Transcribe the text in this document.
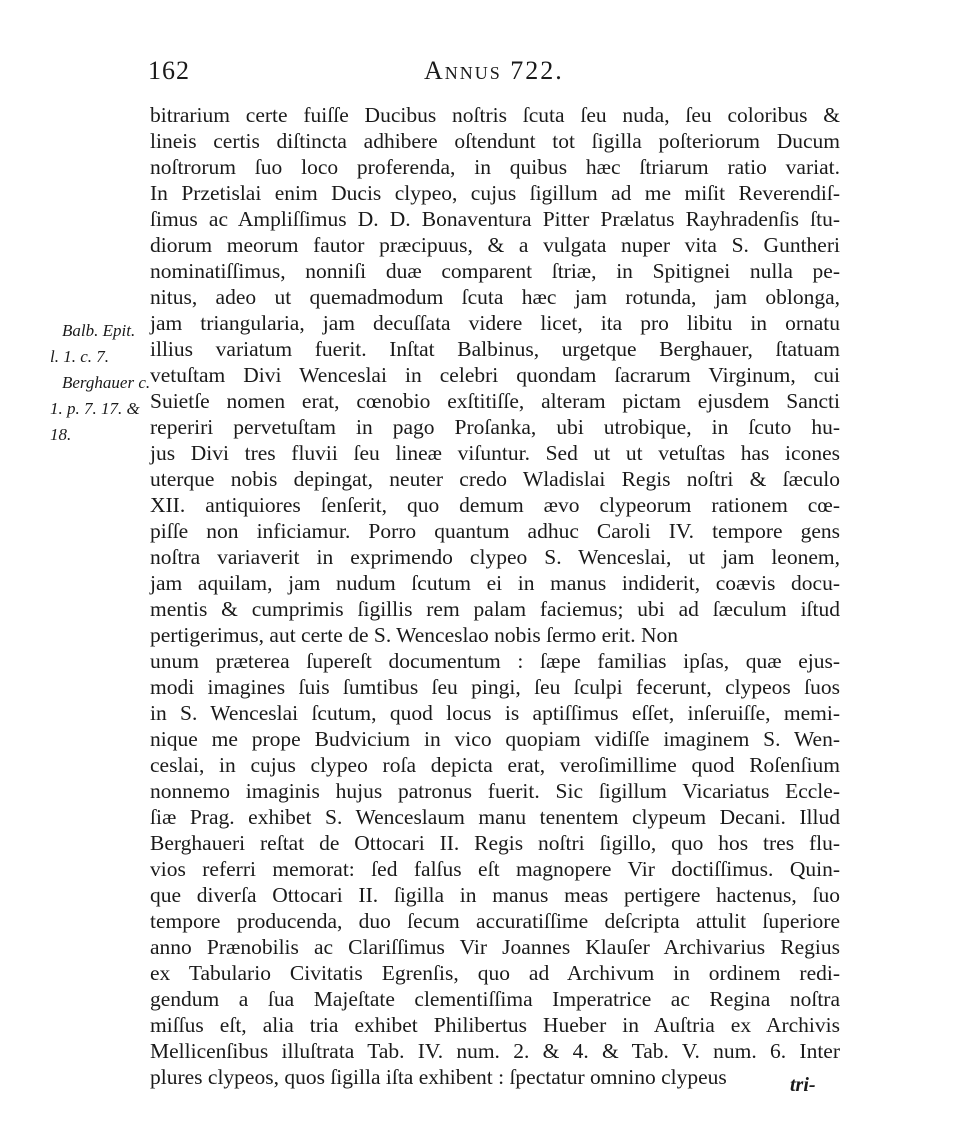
162	Annus 722.
Balb. Epit.
l. 1. c. 7.
Berghauer c.
1. p. 7. 17. &
18.
bitrarium certe fuiſſe Ducibus noſtris ſcuta ſeu nuda, ſeu coloribus &
lineis certis diſtincta adhibere oſtendunt tot ſigilla poſteriorum Ducum
noſtrorum ſuo loco proferenda, in quibus hæc ſtriarum ratio variat.
In Przetislai enim Ducis clypeo, cujus ſigillum ad me miſit Reverendiſ-
ſimus ac Ampliſſimus D. D. Bonaventura Pitter Prælatus Rayhradenſis ſtu-
diorum meorum fautor præcipuus, & a vulgata nuper vita S. Guntheri
nominatiſſimus, nonniſi duæ comparent ſtriæ, in Spitignei nulla pe-
nitus, adeo ut quemadmodum ſcuta hæc jam rotunda, jam oblonga,
jam triangularia, jam decuſſata videre licet, ita pro libitu in ornatu
illius variatum fuerit. Inſtat Balbinus, urgetque Berghauer, ſtatuam
vetuſtam Divi Wenceslai in celebri quondam ſacrarum Virginum, cui
Suietſe nomen erat, cœnobio exſtitiſſe, alteram pictam ejusdem Sancti
reperiri pervetuſtam in pago Proſanka, ubi utrobique, in ſcuto hu-
jus Divi tres fluvii ſeu lineæ viſuntur. Sed ut ut vetuſtas has icones
uterque nobis depingat, neuter credo Wladislai Regis noſtri & ſæculo
XII. antiquiores ſenſerit, quo demum ævo clypeorum rationem cœ-
piſſe non inficiamur. Porro quantum adhuc Caroli IV. tempore gens
noſtra variaverit in exprimendo clypeo S. Wenceslai, ut jam leonem,
jam aquilam, jam nudum ſcutum ei in manus indiderit, coævis docu-
mentis & cumprimis ſigillis rem palam faciemus; ubi ad ſæculum iſtud
pertigerimus, aut certe de S. Wenceslao nobis ſermo erit. Non
unum præterea ſupereſt documentum : ſæpe familias ipſas, quæ ejus-
modi imagines ſuis ſumtibus ſeu pingi, ſeu ſculpi fecerunt, clypeos ſuos
in S. Wenceslai ſcutum, quod locus is aptiſſimus eſſet, inſeruiſſe, memi-
nique me prope Budvicium in vico quopiam vidiſſe imaginem S. Wen-
ceslai, in cujus clypeo roſa depicta erat, veroſimillime quod Roſenſium
nonnemo imaginis hujus patronus fuerit. Sic ſigillum Vicariatus Eccle-
ſiæ Prag. exhibet S. Wenceslaum manu tenentem clypeum Decani. Illud
Berghaueri reſtat de Ottocari II. Regis noſtri ſigillo, quo hos tres flu-
vios referri memorat: ſed falſus eſt magnopere Vir doctiſſimus. Quin-
que diverſa Ottocari II. ſigilla in manus meas pertigere hactenus, ſuo
tempore producenda, duo ſecum accuratiſſime deſcripta attulit ſuperiore
anno Prænobilis ac Clariſſimus Vir Joannes Klauſer Archivarius Regius
ex Tabulario Civitatis Egrenſis, quo ad Archivum in ordinem redi-
gendum a ſua Majeſtate clementiſſima Imperatrice ac Regina noſtra
miſſus eſt, alia tria exhibet Philibertus Hueber in Auſtria ex Archivis
Mellicenſibus illuſtrata Tab. IV. num. 2. & 4. & Tab. V. num. 6. Inter
plures clypeos, quos ſigilla iſta exhibent : ſpectatur omnino clypeus	tri-
